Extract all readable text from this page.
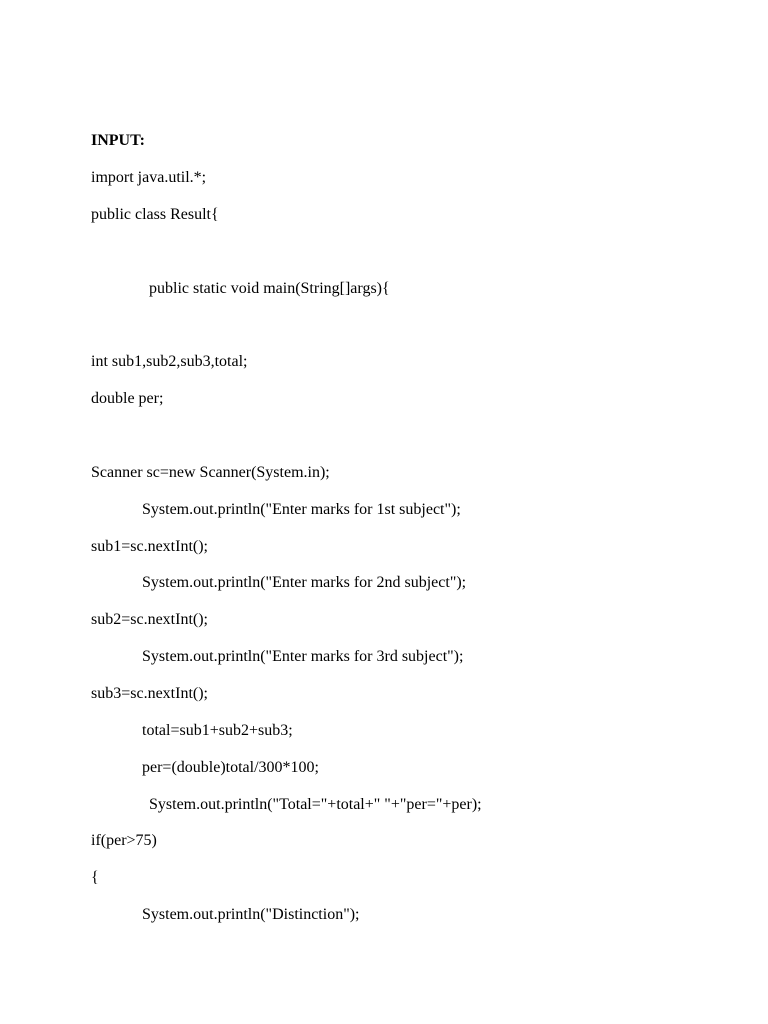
INPUT:

import java.util.*;

public class Result{

public static void main(String[]args){

int sub1,sub2,sub3,total;

double per;

Scanner sc=new Scanner(System.in);

System.out.println("Enter marks for 1st subject");

sub1=sc.nextInt();

System.out.println("Enter marks for 2nd subject");

sub2=sc.nextInt();

System.out.println("Enter marks for 3rd subject");

sub3=sc.nextInt();

total=sub1+sub2+sub3;

per=(double)total/300*100;

System.out.println("Total="+total+" "+"per="+per);

if(per>75)

{

System.out.println("Distinction");
